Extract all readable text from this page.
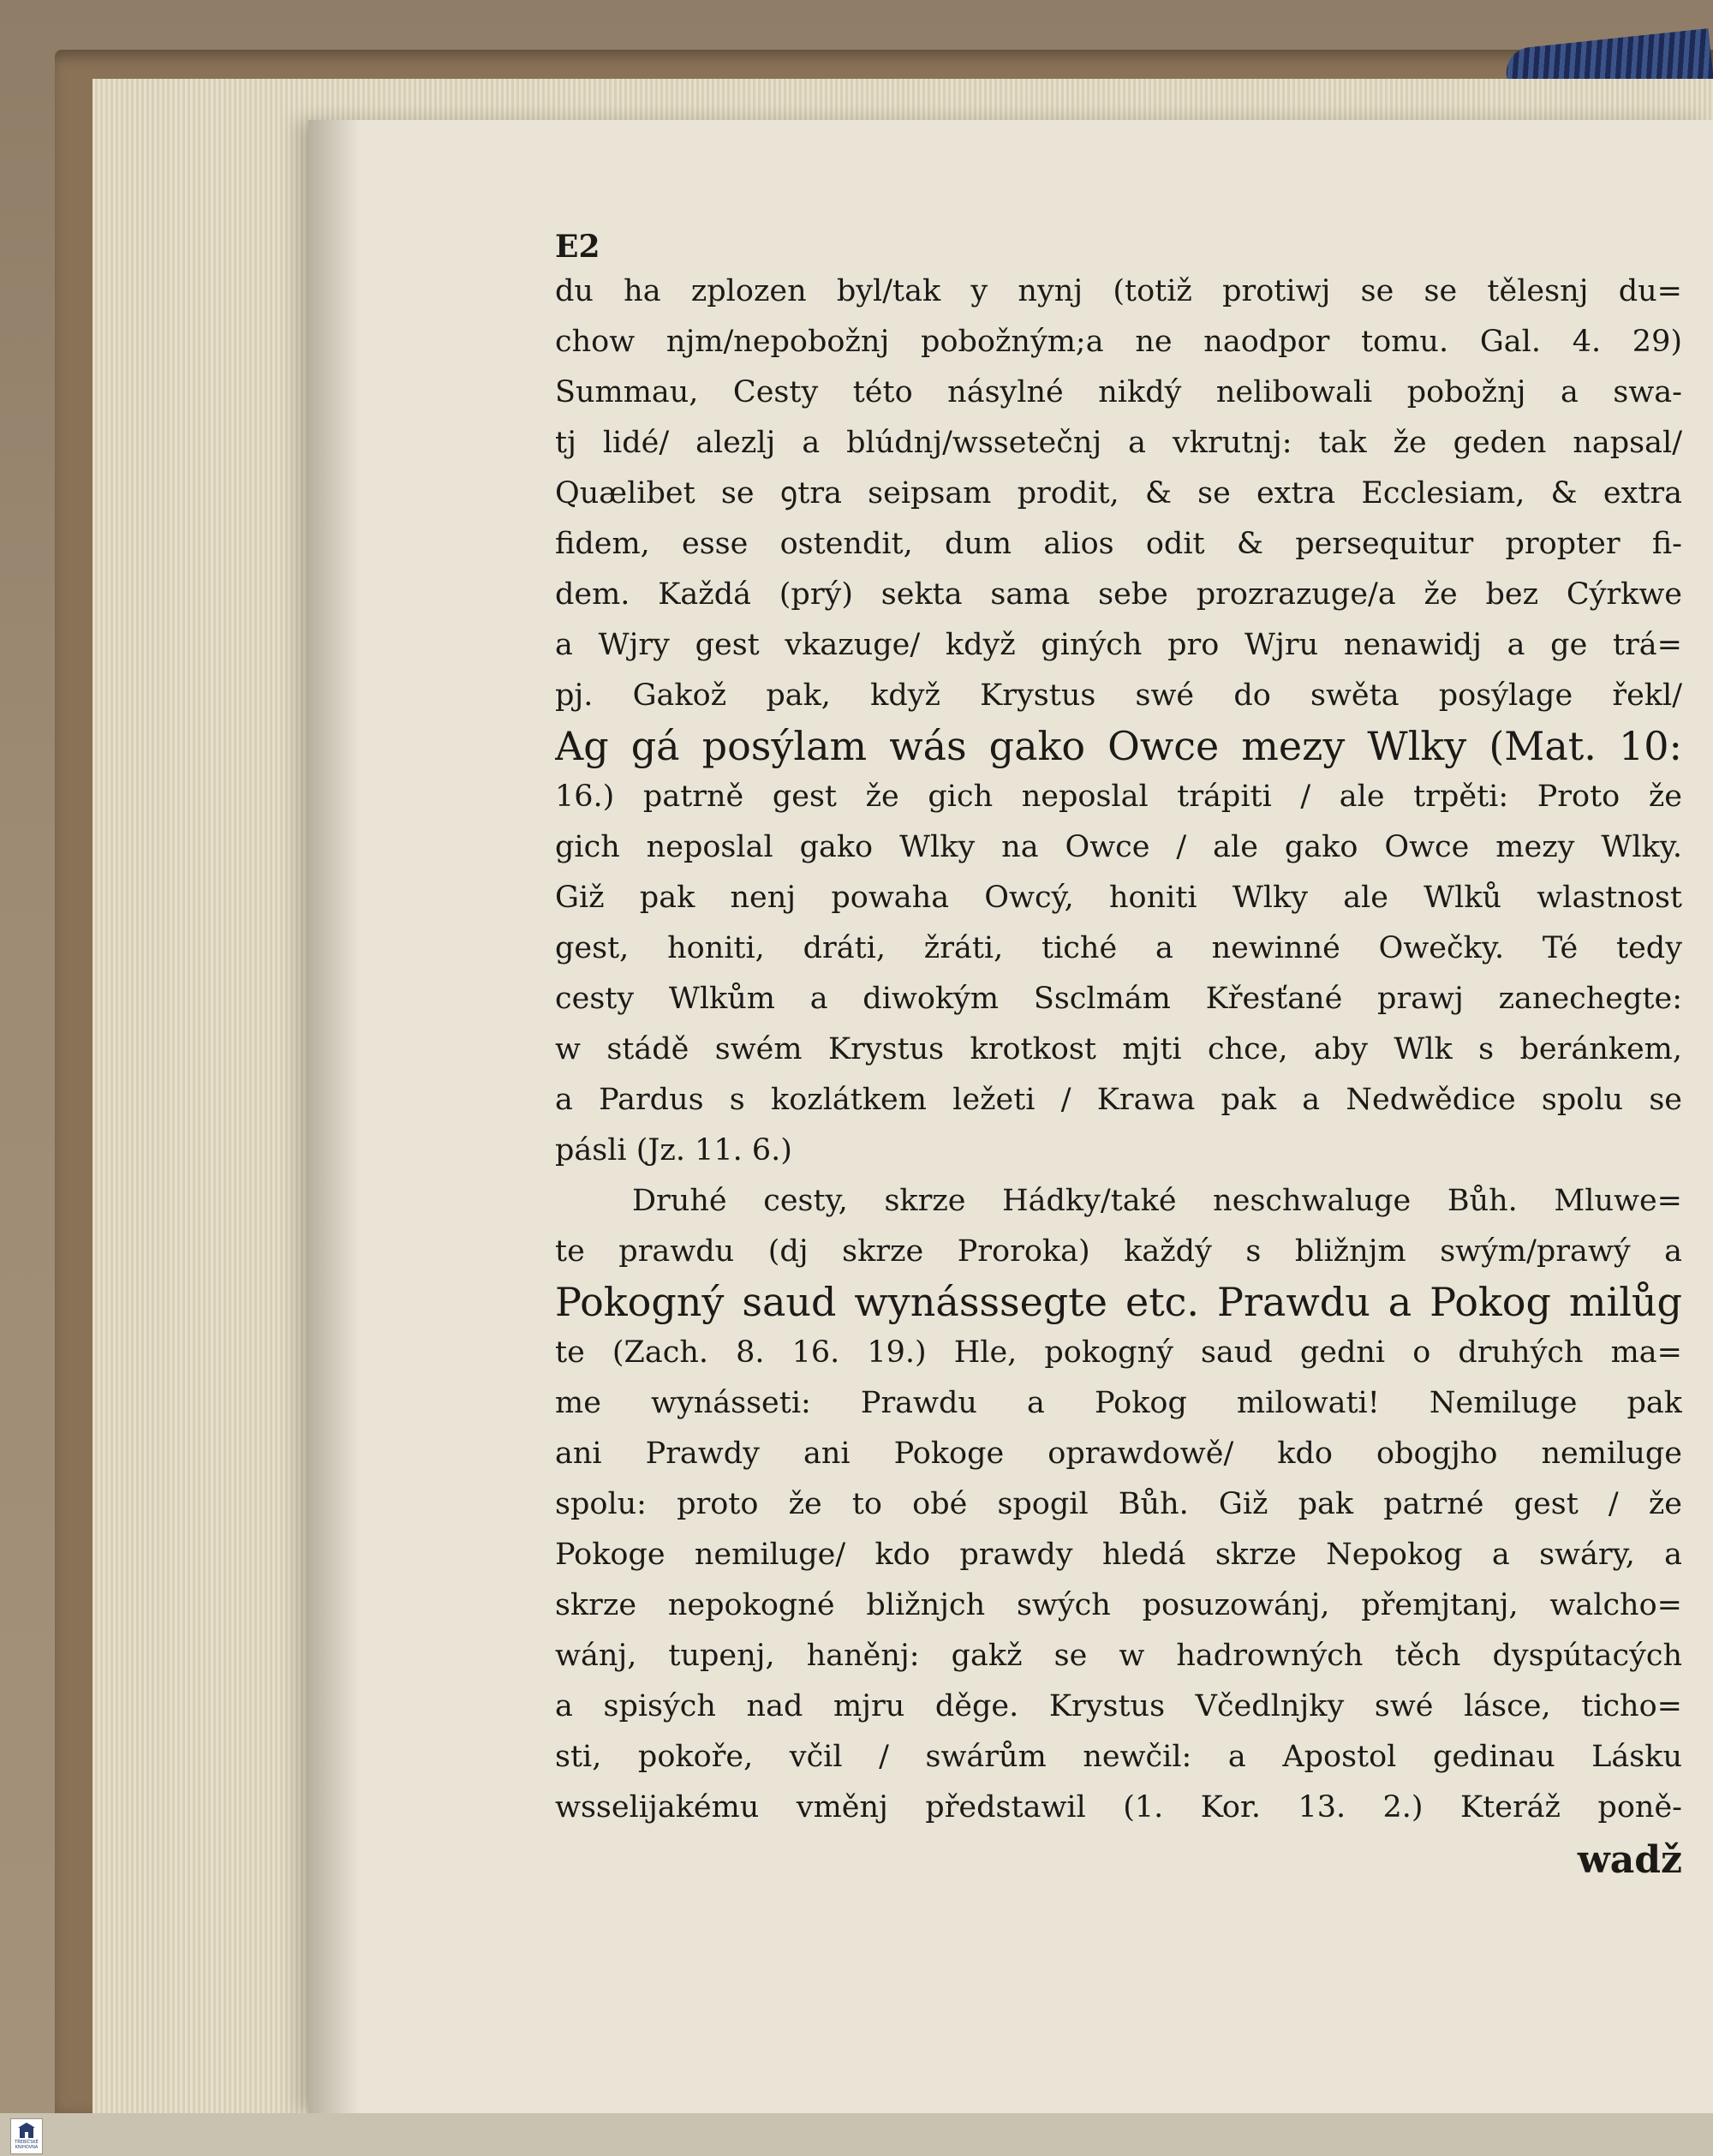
E2
du ha zplozen byl/tak y nynj (totiž protiwj se se tělesnj du=
chow njm/nepobožnj pobožným;a ne naodpor tomu. Gal. 4. 29)
Summau, Cesty této násylné nikdý nelibowali pobožnj a swa-
tj lidé/ alezlj a blúdnj/wssetečnj a vkrutnj: tak že geden napsal/
Quælibet se ꝯtra seipsam prodit, & se extra Ecclesiam, & extra
fidem, esse ostendit, dum alios odit & persequitur propter fi-
dem. Každá (prý) sekta sama sebe prozrazuge/a že bez Cýrkwe
a Wjry gest vkazuge/ když giných pro Wjru nenawidj a ge trá=
pj. Gakož pak, když Krystus swé do swěta posýlage řekl/
Ag gá posýlam wás gako Owce mezy Wlky (Mat. 10:
16.) patrně gest že gich neposlal trápiti / ale trpěti: Proto že
gich neposlal gako Wlky na Owce / ale gako Owce mezy Wlky.
Giž pak nenj powaha Owcý, honiti Wlky ale Wlků wlastnost
gest, honiti, dráti, žráti, tiché a newinné Owečky. Té tedy
cesty Wlkům a diwokým Ssclmám Křesťané prawj zanechegte:
w stádě swém Krystus krotkost mjti chce, aby Wlk s beránkem,
a Pardus s kozlátkem ležeti / Krawa pak a Nedwědice spolu se
pásli (Jz. 11. 6.)
Druhé cesty, skrze Hádky/také neschwaluge Bůh. Mluwe=
te prawdu (dj skrze Proroka) každý s bližnjm swým/prawý a
Pokogný saud wynásssegte etc. Prawdu a Pokog milůg
te (Zach. 8. 16. 19.) Hle, pokogný saud gedni o druhých ma=
me wynásseti: Prawdu a Pokog milowati! Nemiluge pak
ani Prawdy ani Pokoge oprawdowě/ kdo obogjho nemiluge
spolu: proto že to obé spogil Bůh. Giž pak patrné gest / že
Pokoge nemiluge/ kdo prawdy hledá skrze Nepokog a swáry, a
skrze nepokogné bližnjch swých posuzowánj, přemjtanj, walcho=
wánj, tupenj, haněnj: gakž se w hadrowných těch dyspútacých
a spisých nad mjru děge. Krystus Včedlnjky swé lásce, ticho=
sti, pokoře, včil / swárům newčil: a Apostol gedinau Lásku
wsselijakému vměnj předstawil (1. Kor. 13. 2.) Kteráž poně-
wadž
TŘEBÍČSKÉ
KNIHOVNA
